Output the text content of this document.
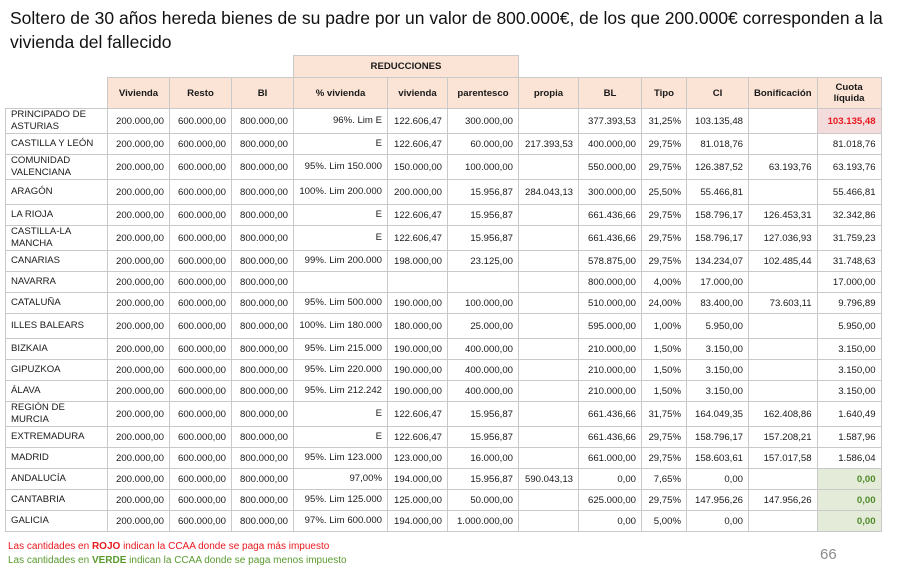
Soltero de 30 años hereda bienes de su padre por un valor de 800.000€, de los que 200.000€ corresponden a la vivienda del fallecido
				REDUCCIONES								
	Vivienda	Resto	BI	% vivienda	vivienda	parentesco	propia	BL	Tipo	CI	Bonificación	Cuota líquida
PRINCIPADO DE ASTURIAS	200.000,00	600.000,00	800.000,00	96%. Lim E	122.606,47	300.000,00		377.393,53	31,25%	103.135,48		103.135,48
CASTILLA Y LEÓN	200.000,00	600.000,00	800.000,00	E	122.606,47	60.000,00	217.393,53	400.000,00	29,75%	81.018,76		81.018,76
COMUNIDAD VALENCIANA	200.000,00	600.000,00	800.000,00	95%. Lim 150.000	150.000,00	100.000,00		550.000,00	29,75%	126.387,52	63.193,76	63.193,76
ARAGÓN	200.000,00	600.000,00	800.000,00	100%. Lim 200.000	200.000,00	15.956,87	284.043,13	300.000,00	25,50%	55.466,81		55.466,81
LA RIOJA	200.000,00	600.000,00	800.000,00	E	122.606,47	15.956,87		661.436,66	29,75%	158.796,17	126.453,31	32.342,86
CASTILLA-LA MANCHA	200.000,00	600.000,00	800.000,00	E	122.606,47	15.956,87		661.436,66	29,75%	158.796,17	127.036,93	31.759,23
CANARIAS	200.000,00	600.000,00	800.000,00	99%. Lim 200.000	198.000,00	23.125,00		578.875,00	29,75%	134.234,07	102.485,44	31.748,63
NAVARRA	200.000,00	600.000,00	800.000,00					800.000,00	4,00%	17.000,00		17.000,00
CATALUÑA	200.000,00	600.000,00	800.000,00	95%. Lim 500.000	190.000,00	100.000,00		510.000,00	24,00%	83.400,00	73.603,11	9.796,89
ILLES BALEARS	200.000,00	600.000,00	800.000,00	100%. Lim 180.000	180.000,00	25.000,00		595.000,00	1,00%	5.950,00		5.950,00
BIZKAIA	200.000,00	600.000,00	800.000,00	95%. Lim 215.000	190.000,00	400.000,00		210.000,00	1,50%	3.150,00		3.150,00
GIPUZKOA	200.000,00	600.000,00	800.000,00	95%. Lim 220.000	190.000,00	400.000,00		210.000,00	1,50%	3.150,00		3.150,00
ÁLAVA	200.000,00	600.000,00	800.000,00	95%. Lim 212.242	190.000,00	400.000,00		210.000,00	1,50%	3.150,00		3.150,00
REGIÓN DE MURCIA	200.000,00	600.000,00	800.000,00	E	122.606,47	15.956,87		661.436,66	31,75%	164.049,35	162.408,86	1.640,49
EXTREMADURA	200.000,00	600.000,00	800.000,00	E	122.606,47	15.956,87		661.436,66	29,75%	158.796,17	157.208,21	1.587,96
MADRID	200.000,00	600.000,00	800.000,00	95%. Lim 123.000	123.000,00	16.000,00		661.000,00	29,75%	158.603,61	157.017,58	1.586,04
ANDALUCÍA	200.000,00	600.000,00	800.000,00	97,00%	194.000,00	15.956,87	590.043,13	0,00	7,65%	0,00		0,00
CANTABRIA	200.000,00	600.000,00	800.000,00	95%. Lim 125.000	125.000,00	50.000,00		625.000,00	29,75%	147.956,26	147.956,26	0,00
GALICIA	200.000,00	600.000,00	800.000,00	97%. Lim 600.000	194.000,00	1.000.000,00		0,00	5,00%	0,00		0,00
Las cantidades en ROJO indican la CCAA donde se paga más impuesto
Las cantidades en VERDE indican la CCAA donde se paga menos impuesto	66
